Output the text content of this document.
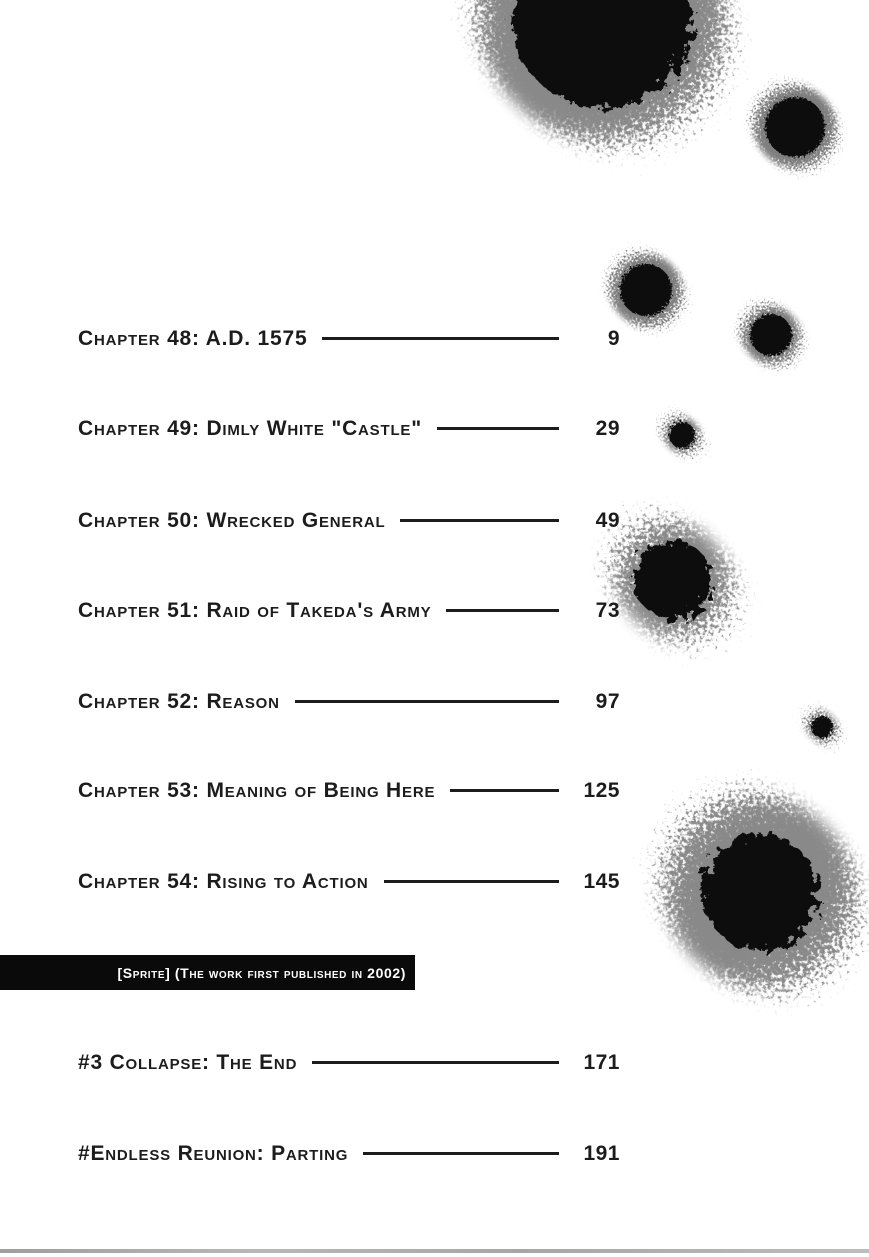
Chapter 48: A.D. 1575	9
Chapter 49: Dimly White "Castle"	29
Chapter 50: Wrecked General	49
Chapter 51: Raid of Takeda's Army	73
Chapter 52: Reason	97
Chapter 53: Meaning of Being Here	125
Chapter 54: Rising to Action	145
[Sprite] (The work first published in 2002)
#3 Collapse: The End	171
#Endless Reunion: Parting	191
